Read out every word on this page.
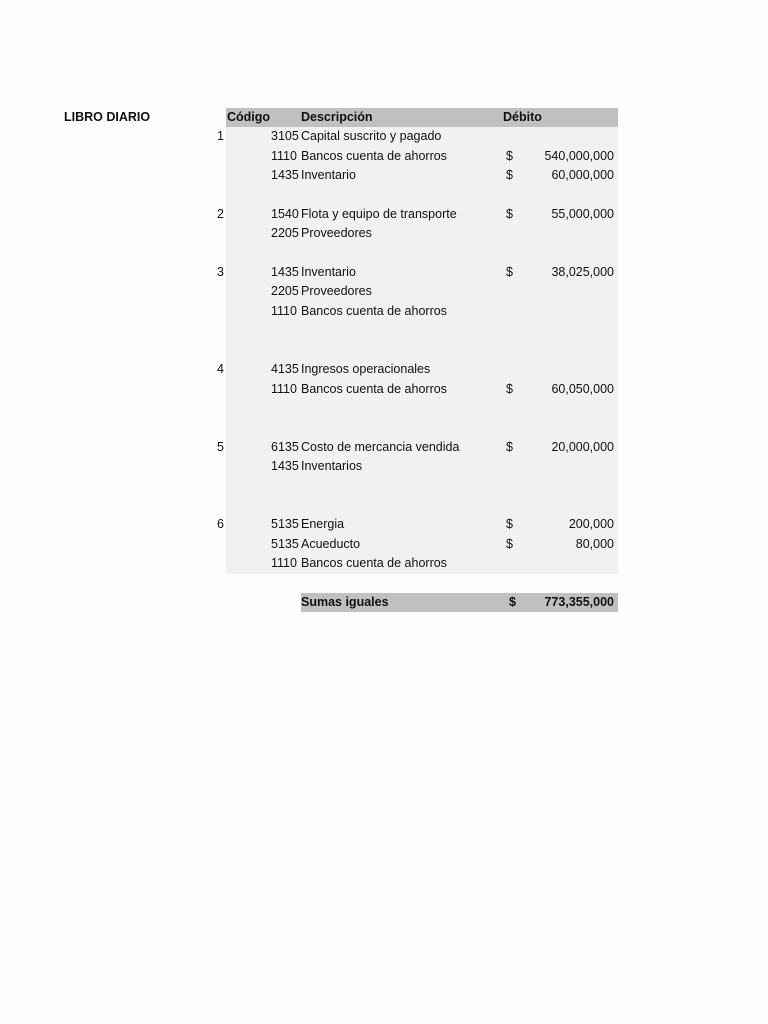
LIBRO DIARIO	Código Descripción	Débito
1	3105 Capital suscrito y pagado
1110 Bancos cuenta de ahorros	$	540,000,000
1435 Inventario	$	60,000,000
2	1540 Flota y equipo de transporte	$	55,000,000
2205 Proveedores
3	1435 Inventario	$	38,025,000
2205 Proveedores
1110 Bancos cuenta de ahorros
4	4135 Ingresos operacionales
1110 Bancos cuenta de ahorros	$	60,050,000
5	6135 Costo de mercancia vendida	$	20,000,000
1435 Inventarios
6	5135 Energia	$	200,000
5135 Acueducto	$	80,000
1110 Bancos cuenta de ahorros
Sumas iguales	$	773,355,000
